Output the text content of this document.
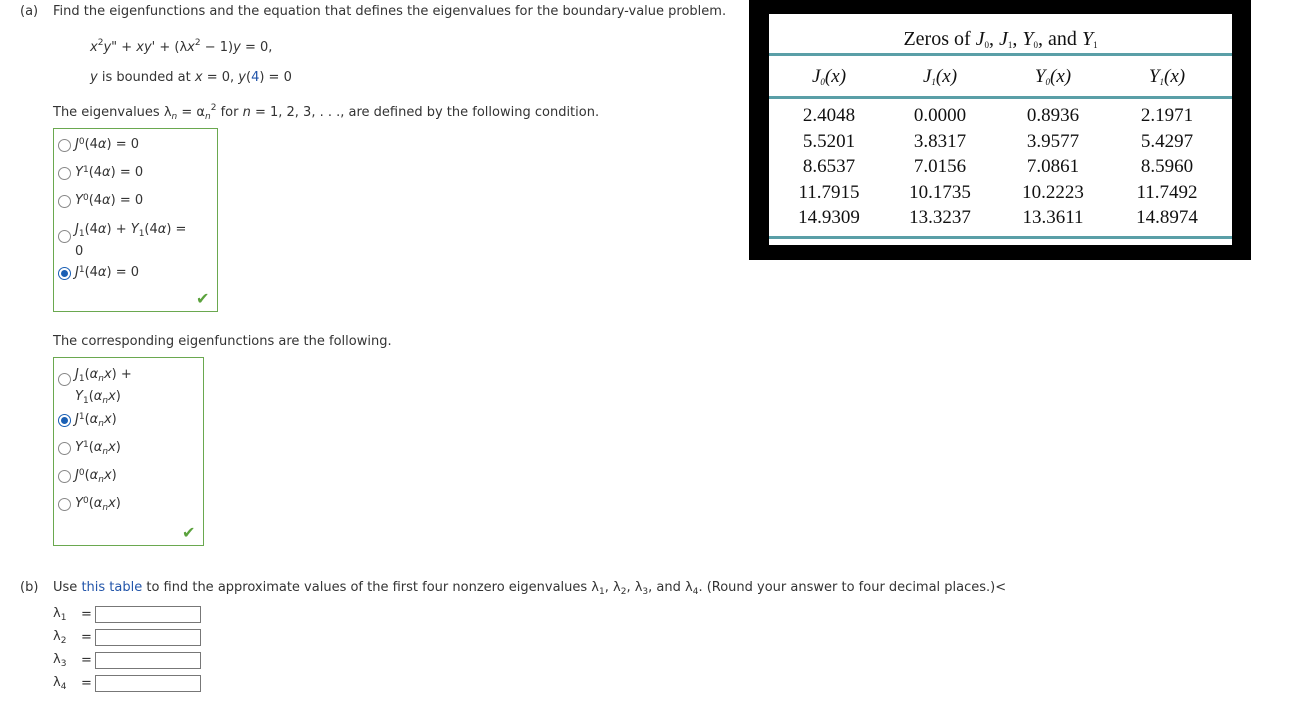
(a) Find the eigenfunctions and the equation that defines the eigenvalues for the boundary-value problem.
$x^2y$" + $xy' + (\lambda x^2 - 1)y = 0$,
y is bounded at x = 0, y(4) = 0
The eigenvalues $\lambda_n = \alpha_n^2$ for n = 1, 2, 3, . . ., are defined by the following condition.
J 0 (4 α ) = 0
Y 1 (4 α ) = 0
Y 0 (4 α ) = 0
$J_1(4\alpha) + Y_1(4\alpha)$ =
0
J 1 (4 α ) = 0
✔
The corresponding eigenfunctions are the following.
$J_1(\alpha_nx)$ +
$Y_1(\alpha_nx)$
J 1 ( $\alpha_nx$ )
Y 1 ( $\alpha_nx$ )
J 0 ( $\alpha_nx$ )
Y 0 ( $\alpha_nx$ )
✔
(b) Use this table to find the approximate values of the first four nonzero eigenvalues $\lambda_1$, $\lambda_2$, $\lambda_3$, and $\lambda_4$. (Round your answer to four decimal places.)<
$\lambda_1$	=
$\lambda_2$	=
$\lambda_3$	=
$\lambda_4$	=
Zeros of $J_0$, $J_1$, $Y_0$, and $Y_1$
$J_0(x)$	$J_1(x)$	$Y_0(x)$	$Y_1(x)$
2.4048	0.0000	0.8936	2.1971
5.5201	3.8317	3.9577	5.4297
8.6537	7.0156	7.0861	8.5960
11.7915	10.1735	10.2223	11.7492
14.9309	13.3237	13.3611	14.8974
